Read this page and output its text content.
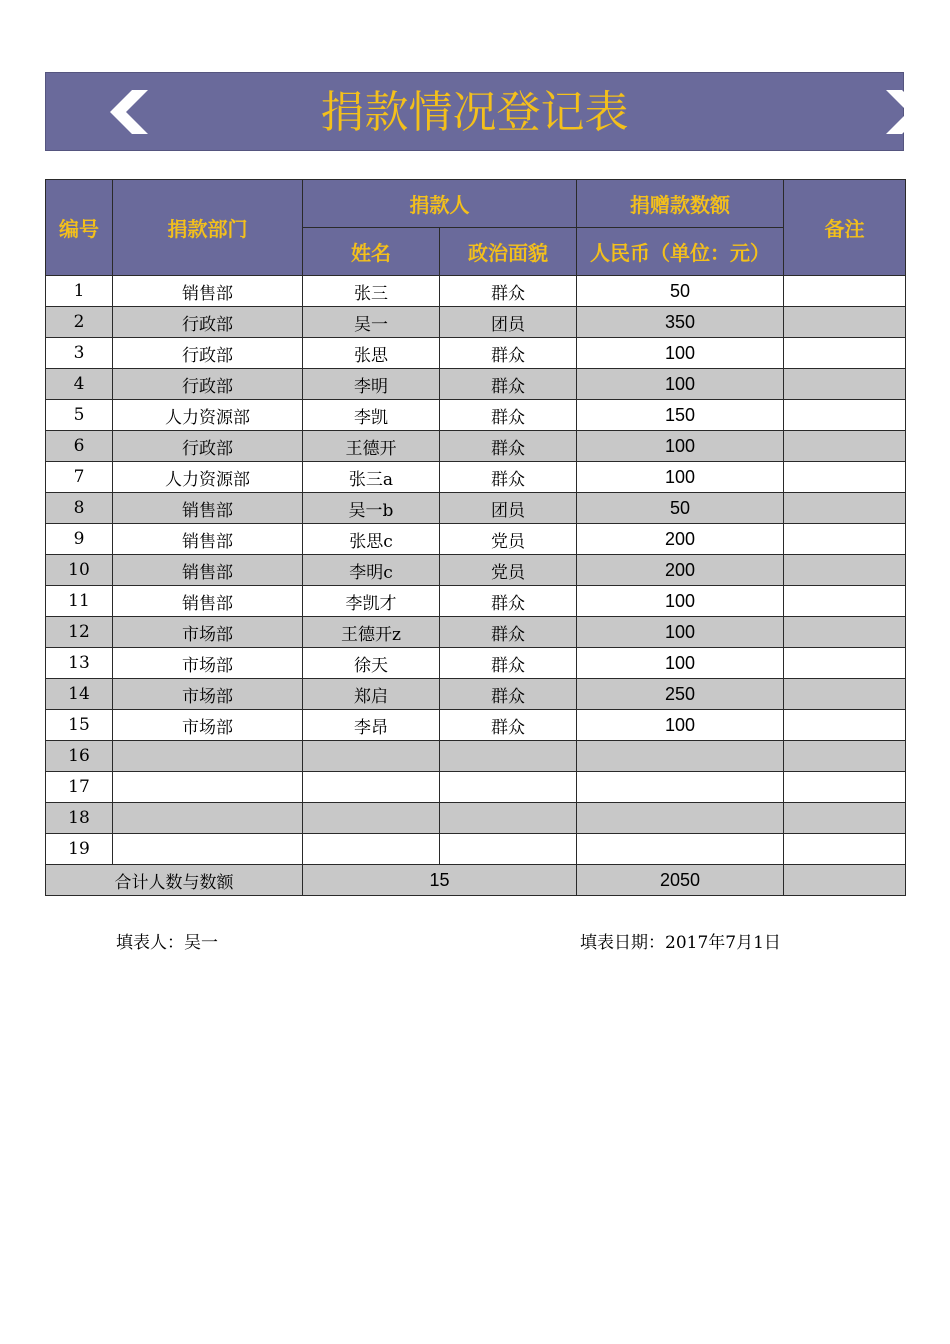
捐款情况登记表
编号	捐款部门	捐款人		捐赠款数额	备注
		姓名	政治面貌	人民币（单位：元）	
1	销售部	张三	群众	50	
2	行政部	吴一	团员	350	
3	行政部	张思	群众	100	
4	行政部	李明	群众	100	
5	人力资源部	李凯	群众	150	
6	行政部	王德开	群众	100	
7	人力资源部	张三a	群众	100	
8	销售部	吴一b	团员	50	
9	销售部	张思c	党员	200	
10	销售部	李明c	党员	200	
11	销售部	李凯才	群众	100	
12	市场部	王德开z	群众	100	
13	市场部	徐天	群众	100	
14	市场部	郑启	群众	250	
15	市场部	李昂	群众	100	
16					
17					
18					
19					
合计人数与数额		15		2050	
填表人：吴一	填表日期：2017年7月1日
